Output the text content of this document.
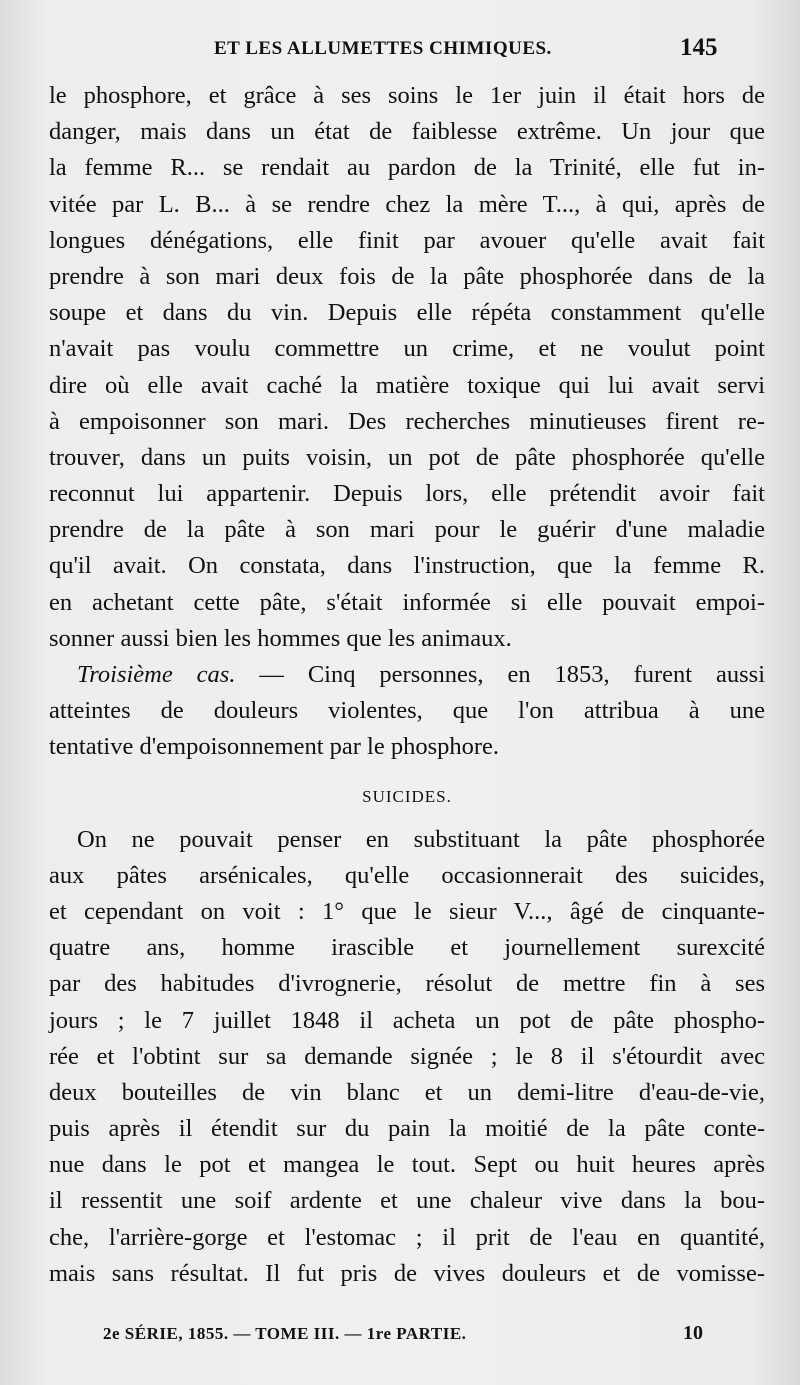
ET LES ALLUMETTES CHIMIQUES.	145
le phosphore, et grâce à ses soins le 1er juin il était hors de
danger, mais dans un état de faiblesse extrême. Un jour que
la femme R... se rendait au pardon de la Trinité, elle fut in-
vitée par L. B... à se rendre chez la mère T..., à qui, après de
longues dénégations, elle finit par avouer qu'elle avait fait
prendre à son mari deux fois de la pâte phosphorée dans de la
soupe et dans du vin. Depuis elle répéta constamment qu'elle
n'avait pas voulu commettre un crime, et ne voulut point
dire où elle avait caché la matière toxique qui lui avait servi
à empoisonner son mari. Des recherches minutieuses firent re-
trouver, dans un puits voisin, un pot de pâte phosphorée qu'elle
reconnut lui appartenir. Depuis lors, elle prétendit avoir fait
prendre de la pâte à son mari pour le guérir d'une maladie
qu'il avait. On constata, dans l'instruction, que la femme R.
en achetant cette pâte, s'était informée si elle pouvait empoi-
sonner aussi bien les hommes que les animaux.
Troisième cas. — Cinq personnes, en 1853, furent aussi
atteintes de douleurs violentes, que l'on attribua à une
tentative d'empoisonnement par le phosphore.
SUICIDES.
On ne pouvait penser en substituant la pâte phosphorée
aux pâtes arsénicales, qu'elle occasionnerait des suicides,
et cependant on voit : 1° que le sieur V..., âgé de cinquante-
quatre ans, homme irascible et journellement surexcité
par des habitudes d'ivrognerie, résolut de mettre fin à ses
jours ; le 7 juillet 1848 il acheta un pot de pâte phospho-
rée et l'obtint sur sa demande signée ; le 8 il s'étourdit avec
deux bouteilles de vin blanc et un demi-litre d'eau-de-vie,
puis après il étendit sur du pain la moitié de la pâte conte-
nue dans le pot et mangea le tout. Sept ou huit heures après
il ressentit une soif ardente et une chaleur vive dans la bou-
che, l'arrière-gorge et l'estomac ; il prit de l'eau en quantité,
mais sans résultat. Il fut pris de vives douleurs et de vomisse-
2e SÉRIE, 1855. — TOME III. — 1re PARTIE.	10
